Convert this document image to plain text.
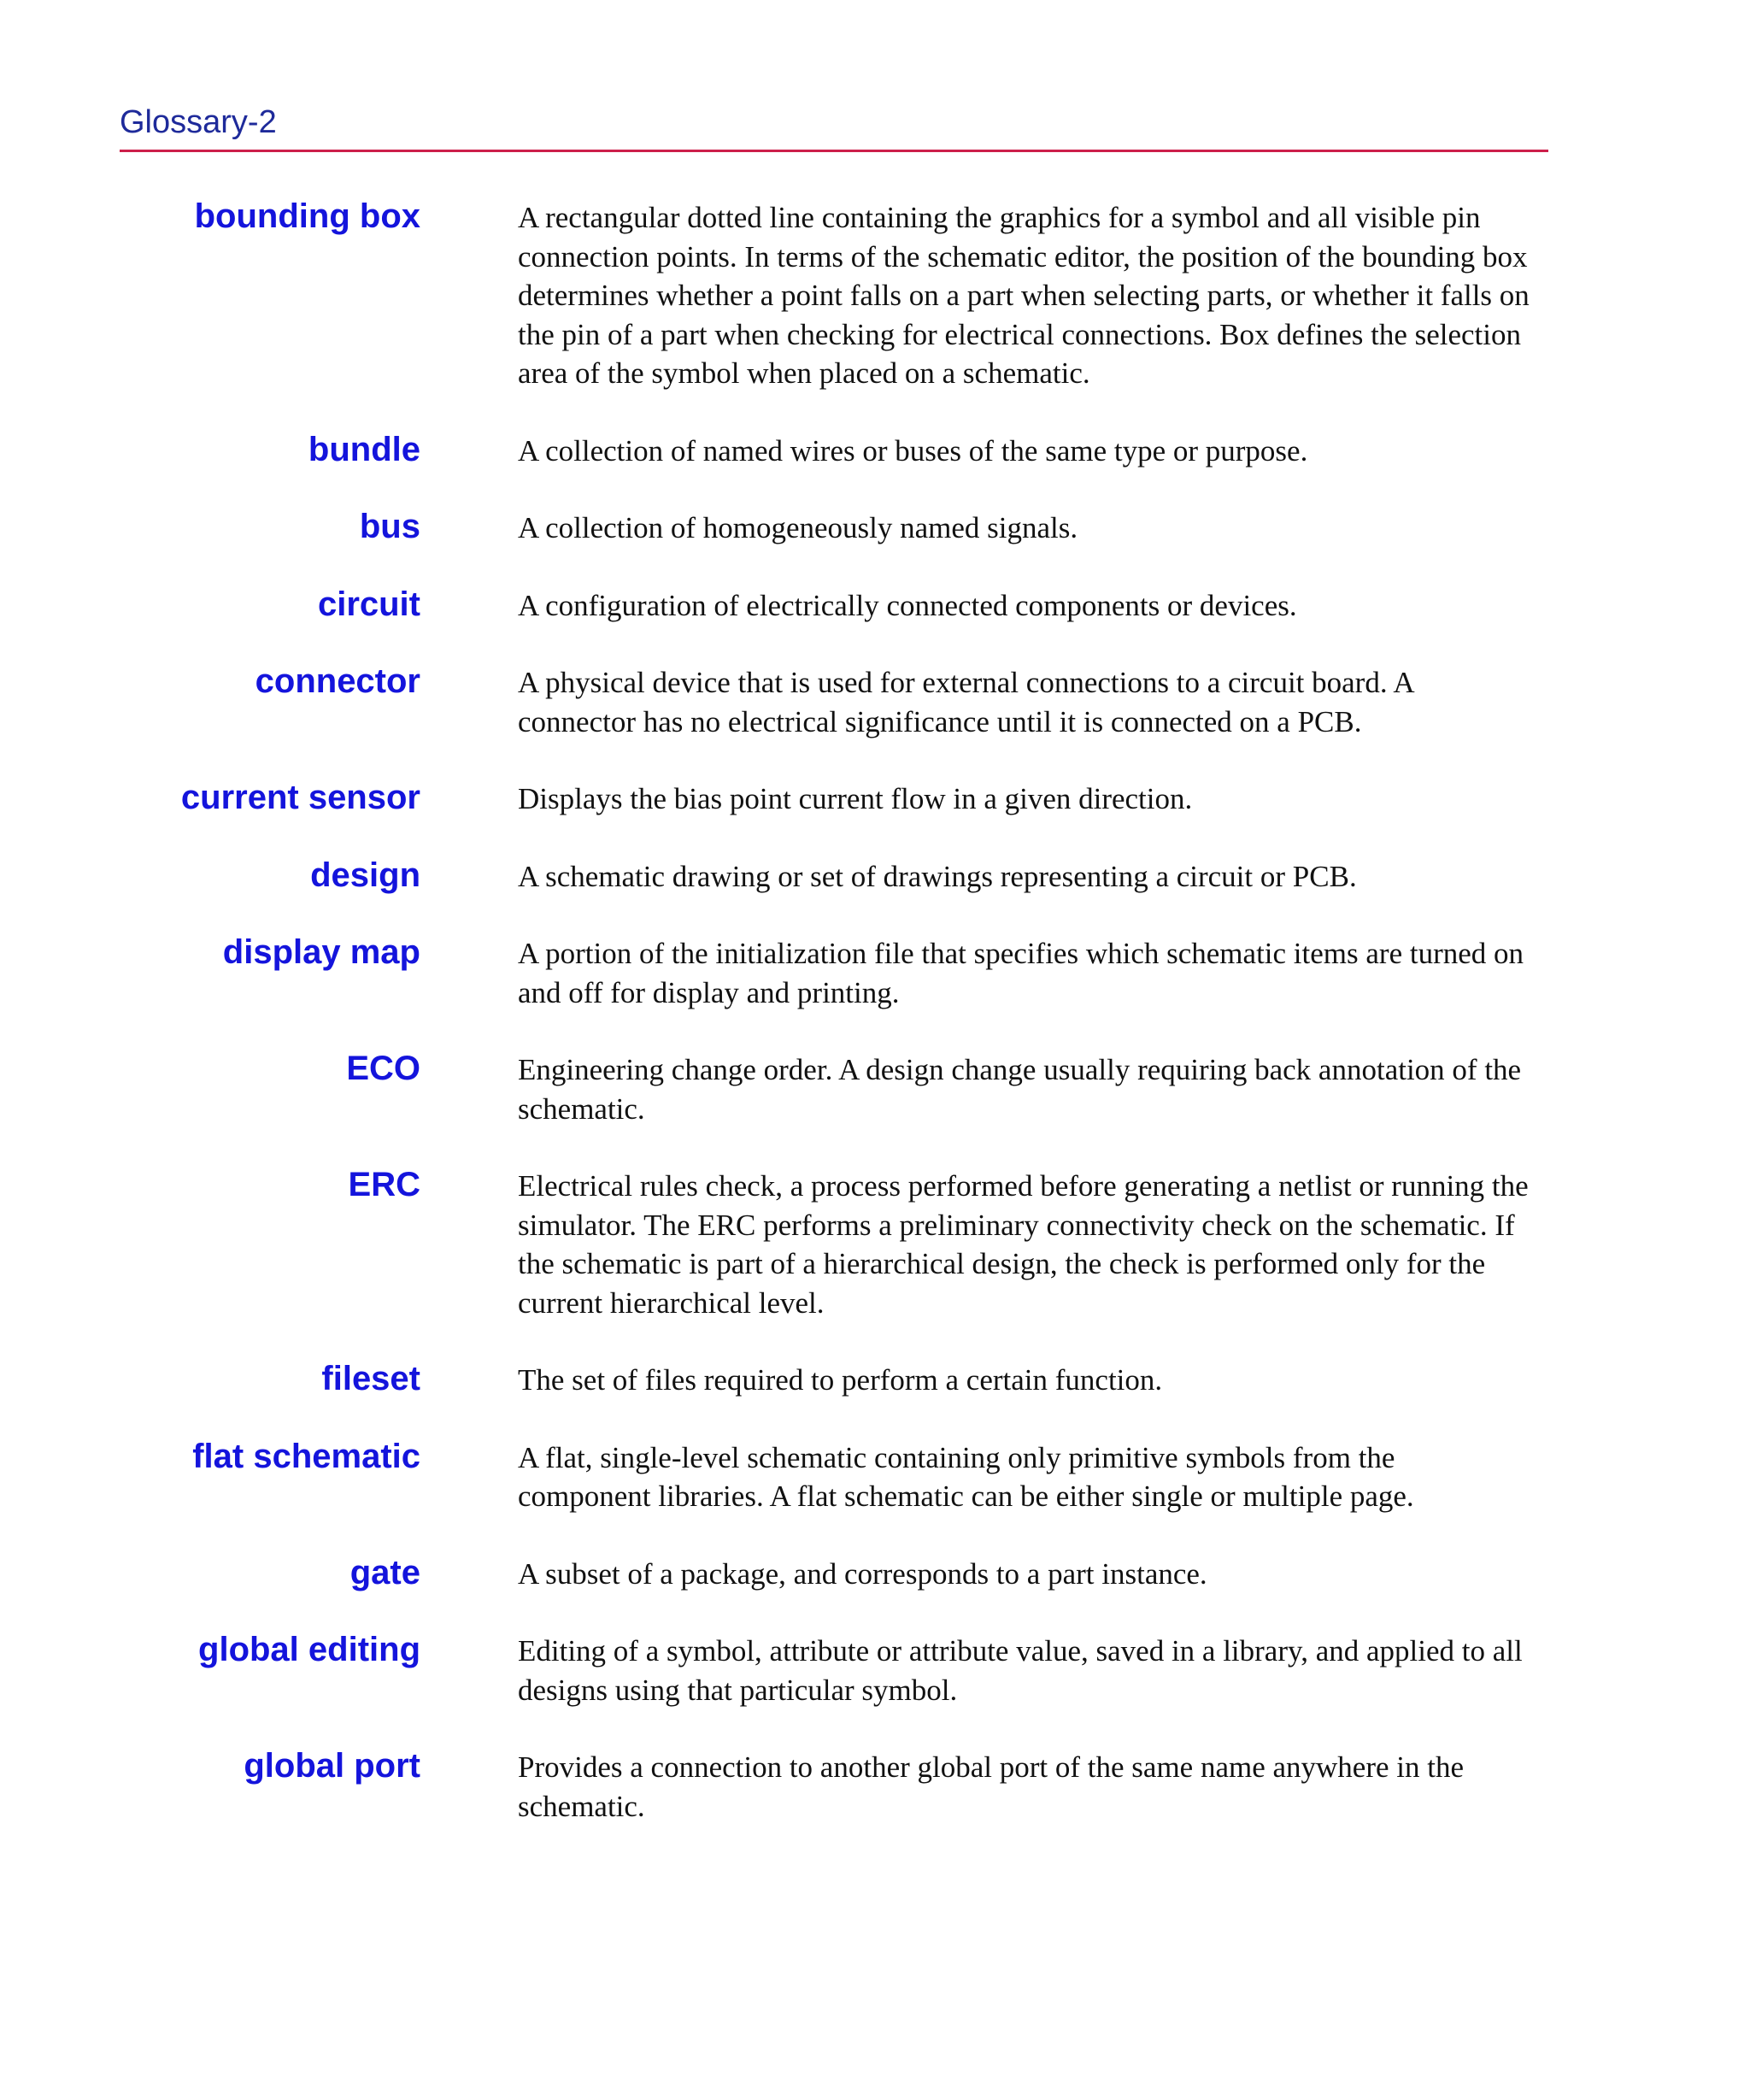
Glossary-2
bounding box	A rectangular dotted line containing the graphics for a symbol and all visible pin connection points. In terms of the schematic editor, the position of the bounding box determines whether a point falls on a part when selecting parts, or whether it falls on the pin of a part when checking for electrical connections. Box defines the selection area of the symbol when placed on a schematic.
bundle	A collection of named wires or buses of the same type or purpose.
bus	A collection of homogeneously named signals.
circuit	A configuration of electrically connected components or devices.
connector	A physical device that is used for external connections to a circuit board. A connector has no electrical significance until it is connected on a PCB.
current sensor	Displays the bias point current flow in a given direction.
design	A schematic drawing or set of drawings representing a circuit or PCB.
display map	A portion of the initialization file that specifies which schematic items are turned on and off for display and printing.
ECO	Engineering change order. A design change usually requiring back annotation of the schematic.
ERC	Electrical rules check, a process performed before generating a netlist or running the simulator. The ERC performs a preliminary connectivity check on the schematic. If the schematic is part of a hierarchical design, the check is performed only for the current hierarchical level.
fileset	The set of files required to perform a certain function.
flat schematic	A flat, single-level schematic containing only primitive symbols from the component libraries. A flat schematic can be either single or multiple page.
gate	A subset of a package, and corresponds to a part instance.
global editing	Editing of a symbol, attribute or attribute value, saved in a library, and applied to all designs using that particular symbol.
global port	Provides a connection to another global port of the same name anywhere in the schematic.
